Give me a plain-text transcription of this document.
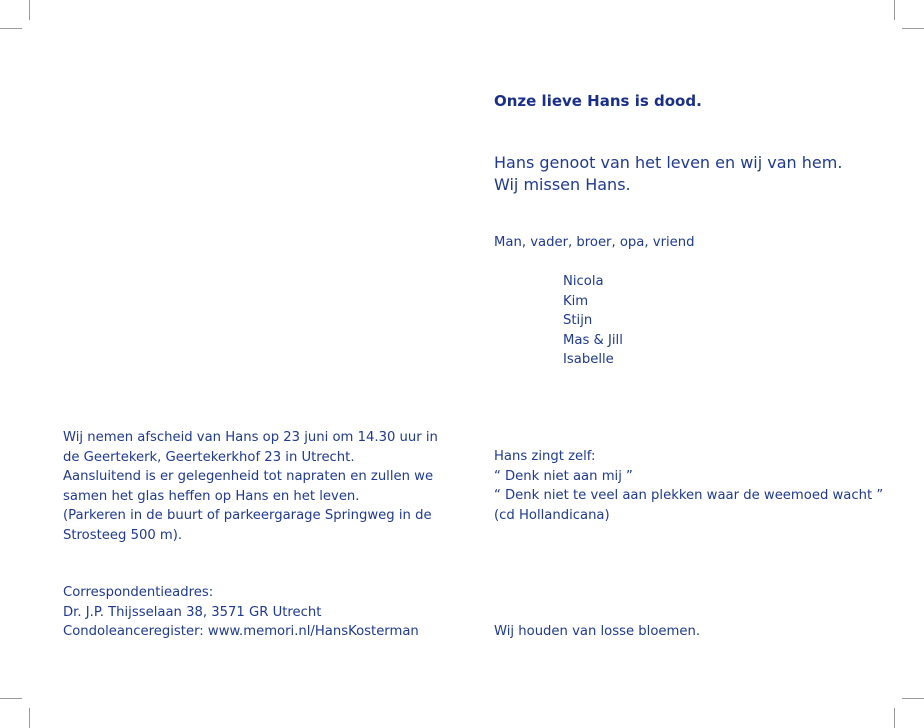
Onze lieve Hans is dood.
Hans genoot van het leven en wij van hem.
Wij missen Hans.
Man, vader, broer, opa, vriend
Nicola
Kim
Stijn
Mas & Jill
Isabelle
Hans zingt zelf:
“ Denk niet aan mij ”
“ Denk niet te veel aan plekken waar de weemoed wacht ”
(cd Hollandicana)
Wij houden van losse bloemen.
Wij nemen afscheid van Hans op 23 juni om 14.30 uur in
de Geertekerk, Geertekerkhof 23 in Utrecht.
Aansluitend is er gelegenheid tot napraten en zullen we
samen het glas heffen op Hans en het leven.
(Parkeren in de buurt of parkeergarage Springweg in de
Strosteeg 500 m).
Correspondentieadres:
Dr. J.P. Thijsselaan 38, 3571 GR Utrecht
Condoleanceregister: www.memori.nl/HansKosterman
